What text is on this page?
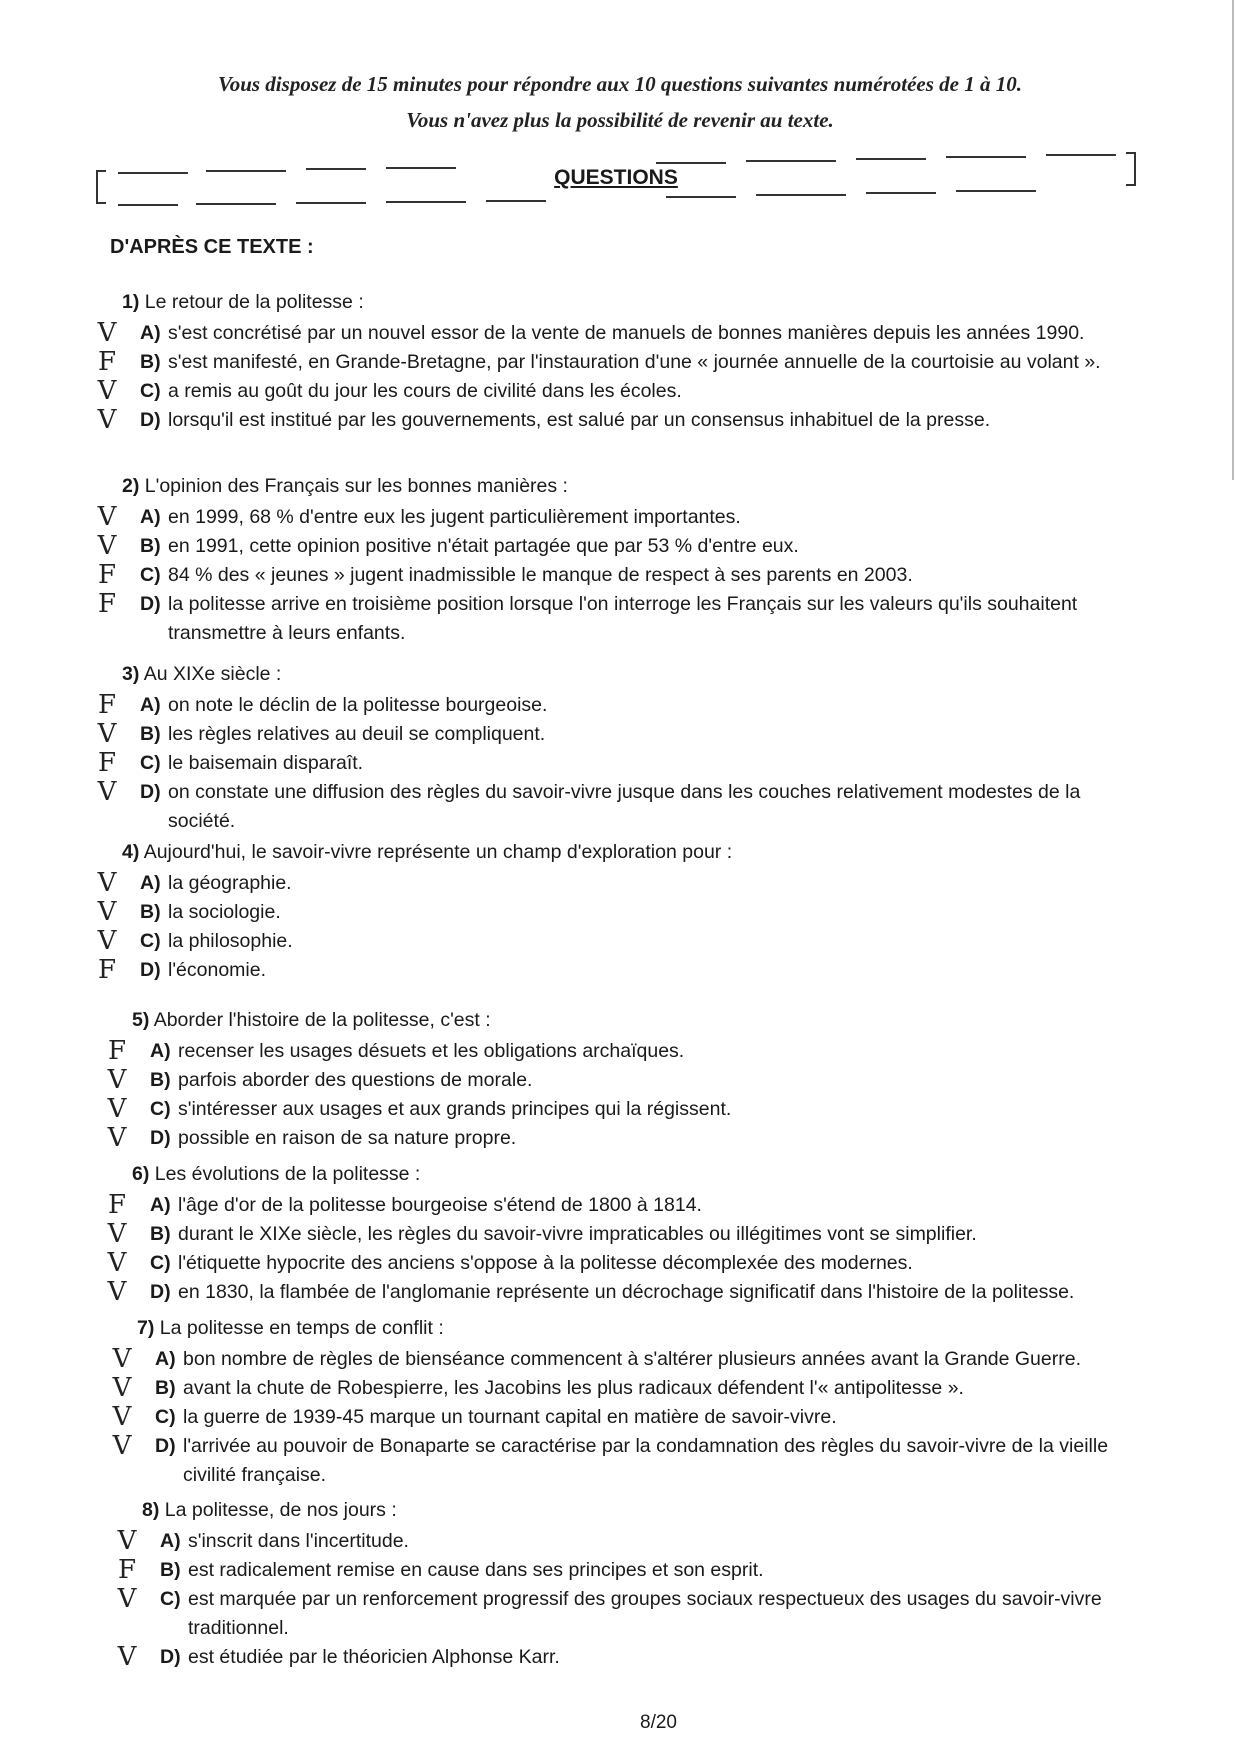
Vous disposez de 15 minutes pour répondre aux 10 questions suivantes numérotées de 1 à 10.
Vous n'avez plus la possibilité de revenir au texte.
QUESTIONS
D'APRÈS CE TEXTE :
1) Le retour de la politesse :
V A) s'est concrétisé par un nouvel essor de la vente de manuels de bonnes manières depuis les années 1990.
F	B) s'est manifesté, en Grande-Bretagne, par l'instauration d'une « journée annuelle de la courtoisie au volant ».
V C) a remis au goût du jour les cours de civilité dans les écoles.
V D) lorsqu'il est institué par les gouvernements, est salué par un consensus inhabituel de la presse.
2) L'opinion des Français sur les bonnes manières :
V A) en 1999, 68 % d'entre eux les jugent particulièrement importantes.
V B) en 1991, cette opinion positive n'était partagée que par 53 % d'entre eux.
F	C) 84 % des « jeunes » jugent inadmissible le manque de respect à ses parents en 2003.
F	D) la politesse arrive en troisième position lorsque l'on interroge les Français sur les valeurs qu'ils souhaitent transmettre à leurs enfants.
3) Au XIXe siècle :
F	A) on note le déclin de la politesse bourgeoise.
V B) les règles relatives au deuil se compliquent.
F	C) le baisemain disparaît.
V D) on constate une diffusion des règles du savoir-vivre jusque dans les couches relativement modestes de la société.
4) Aujourd'hui, le savoir-vivre représente un champ d'exploration pour :
V A) la géographie.
V B) la sociologie.
V C) la philosophie.
F	D) l'économie.
5) Aborder l'histoire de la politesse, c'est :
F	A) recenser les usages désuets et les obligations archaïques.
V B) parfois aborder des questions de morale.
V C) s'intéresser aux usages et aux grands principes qui la régissent.
V D) possible en raison de sa nature propre.
6) Les évolutions de la politesse :
F	A) l'âge d'or de la politesse bourgeoise s'étend de 1800 à 1814.
V B) durant le XIXe siècle, les règles du savoir-vivre impraticables ou illégitimes vont se simplifier.
V C) l'étiquette hypocrite des anciens s'oppose à la politesse décomplexée des modernes.
V D) en 1830, la flambée de l'anglomanie représente un décrochage significatif dans l'histoire de la politesse.
7) La politesse en temps de conflit :
V A) bon nombre de règles de bienséance commencent à s'altérer plusieurs années avant la Grande Guerre.
V B) avant la chute de Robespierre, les Jacobins les plus radicaux défendent l'« antipolitesse ».
V C) la guerre de 1939-45 marque un tournant capital en matière de savoir-vivre.
V D) l'arrivée au pouvoir de Bonaparte se caractérise par la condamnation des règles du savoir-vivre de la vieille civilité française.
8) La politesse, de nos jours :
V A) s'inscrit dans l'incertitude.
F	B) est radicalement remise en cause dans ses principes et son esprit.
V C) est marquée par un renforcement progressif des groupes sociaux respectueux des usages du savoir-vivre traditionnel.
V D) est étudiée par le théoricien Alphonse Karr.
8/20
